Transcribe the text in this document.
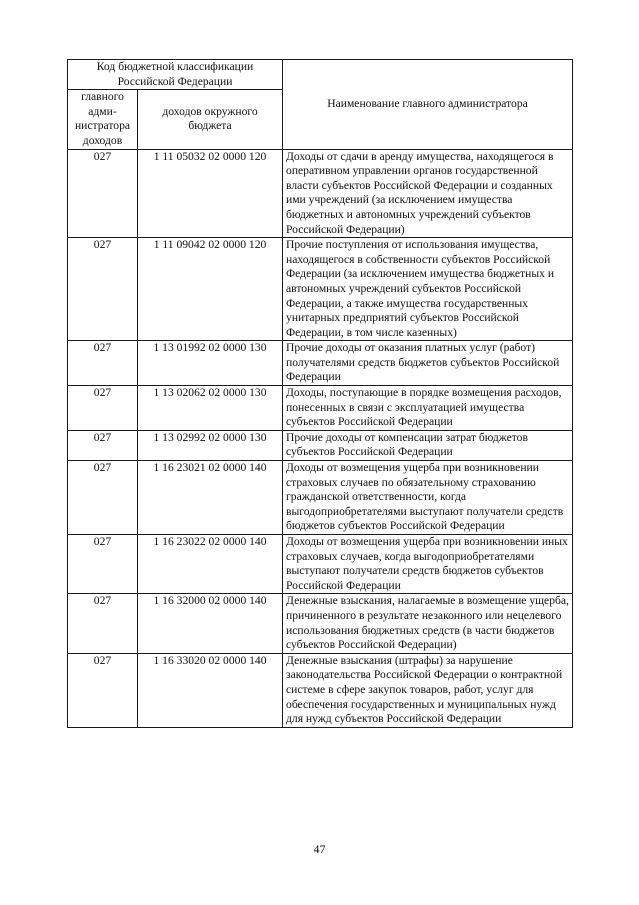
Код бюджетной классификации Российской Федерации		Наименование главного администратора
главного адми-нистратора доходов	доходов окружного бюджета	
027	1 11 05032 02 0000 120	Доходы от сдачи в аренду имущества, находящегося в оперативном управлении органов государственной власти субъектов Российской Федерации и созданных ими учреждений (за исключением имущества бюджетных и автономных учреждений субъектов Российской Федерации)
027	1 11 09042 02 0000 120	Прочие поступления от использования имущества, находящегося в собственности субъектов Российской Федерации (за исключением имущества бюджетных и автономных учреждений субъектов Российской Федерации, а также имущества государственных унитарных предприятий субъектов Российской Федерации, в том числе казенных)
027	1 13 01992 02 0000 130	Прочие доходы от оказания платных услуг (работ) получателями средств бюджетов субъектов Российской Федерации
027	1 13 02062 02 0000 130	Доходы, поступающие в порядке возмещения расходов, понесенных в связи с эксплуатацией имущества субъектов Российской Федерации
027	1 13 02992 02 0000 130	Прочие доходы от компенсации затрат бюджетов субъектов Российской Федерации
027	1 16 23021 02 0000 140	Доходы от возмещения ущерба при возникновении страховых случаев по обязательному страхованию гражданской ответственности, когда выгодоприобретателями выступают получатели средств бюджетов субъектов Российской Федерации
027	1 16 23022 02 0000 140	Доходы от возмещения ущерба при возникновении иных страховых случаев, когда выгодоприобретателями выступают получатели средств бюджетов субъектов Российской Федерации
027	1 16 32000 02 0000 140	Денежные взыскания, налагаемые в возмещение ущерба, причиненного в результате незаконного или нецелевого использования бюджетных средств (в части бюджетов субъектов Российской Федерации)
027	1 16 33020 02 0000 140	Денежные взыскания (штрафы) за нарушение законодательства Российской Федерации о контрактной системе в сфере закупок товаров, работ, услуг для обеспечения государственных и муниципальных нужд для нужд субъектов Российской Федерации
47
